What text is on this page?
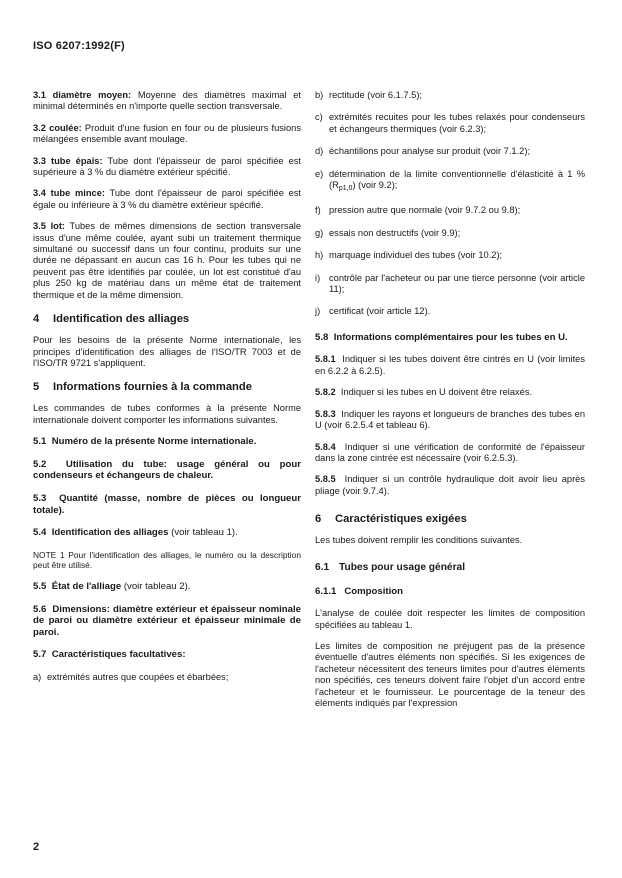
ISO 6207:1992(F)

3.1 diamètre moyen: Moyenne des diamètres maximal et minimal déterminés en n'importe quelle section transversale.

3.2 coulée: Produit d'une fusion en four ou de plusieurs fusions mélangées ensemble avant moulage.

3.3 tube épais: Tube dont l'épaisseur de paroi spécifiée est supérieure à 3 % du diamètre extérieur spécifié.

3.4 tube mince: Tube dont l'épaisseur de paroi spécifiée est égale ou inférieure à 3 % du diamètre extérieur spécifié.

3.5 lot: Tubes de mêmes dimensions de section transversale issus d'une même coulée, ayant subi un traitement thermique simultané ou successif dans un four continu, produits sur une durée ne dépassant en aucun cas 16 h. Pour les tubes qui ne peuvent pas être identifiés par coulée, un lot est constitué d'au plus 250 kg de matériau dans un même état de traitement thermique et de la même dimension.

4 Identification des alliages

Pour les besoins de la présente Norme internationale, les principes d'identification des alliages de l'ISO/TR 7003 et de l'ISO/TR 9721 s'appliquent.

5 Informations fournies à la commande

Les commandes de tubes conformes à la présente Norme internationale doivent comporter les informations suivantes.

5.1 Numéro de la présente Norme internationale.
5.2 Utilisation du tube: usage général ou pour condenseurs et échangeurs de chaleur.
5.3 Quantité (masse, nombre de pièces ou longueur totale).
5.4 Identification des alliages (voir tableau 1).

NOTE 1 Pour l'identification des alliages, le numéro ou la description peut être utilisé.

5.5 État de l'alliage (voir tableau 2).
5.6 Dimensions: diamètre extérieur et épaisseur nominale de paroi ou diamètre extérieur et épaisseur minimale de paroi.
5.7 Caractéristiques facultatives:
a) extrémités autres que coupées et ébarbées;
b) rectitude (voir 6.1.7.5);
c) extrémités recuites pour les tubes relaxés pour condenseurs et échangeurs thermiques (voir 6.2.3);
d) échantillons pour analyse sur produit (voir 7.1.2);
e) détermination de la limite conventionnelle d'élasticité à 1 % $(R_{p1,0})$ (voir 9.2);
f) pression autre que normale (voir 9.7.2 ou 9.8);
g) essais non destructifs (voir 9.9);
h) marquage individuel des tubes (voir 10.2);
i) contrôle par l'acheteur ou par une tierce personne (voir article 11);
j) certificat (voir article 12).
5.8 Informations complémentaires pour les tubes en U.

5.8.1 Indiquer si les tubes doivent être cintrés en U (voir limites en 6.2.2 à 6.2.5).

5.8.2 Indiquer si les tubes en U doivent être relaxés.

5.8.3 Indiquer les rayons et longueurs de branches des tubes en U (voir 6.2.5.4 et tableau 6).

5.8.4 Indiquer si une vérification de conformité de l'épaisseur dans la zone cintrée est nécessaire (voir 6.2.5.3).

5.8.5 Indiquer si un contrôle hydraulique doit avoir lieu après pliage (voir 9.7.4).

6 Caractéristiques exigées

Les tubes doivent remplir les conditions suivantes.

6.1 Tubes pour usage général
6.1.1 Composition

L'analyse de coulée doit respecter les limites de composition spécifiées au tableau 1.

Les limites de composition ne préjugent pas de la présence éventuelle d'autres éléments non spécifiés. Si les exigences de l'acheteur nécessitent des teneurs limites pour d'autres éléments non spécifiés, ces teneurs doivent faire l'objet d'un accord entre l'acheteur et le fournisseur. Le pourcentage de la teneur des éléments indiqués par l'expression

2
